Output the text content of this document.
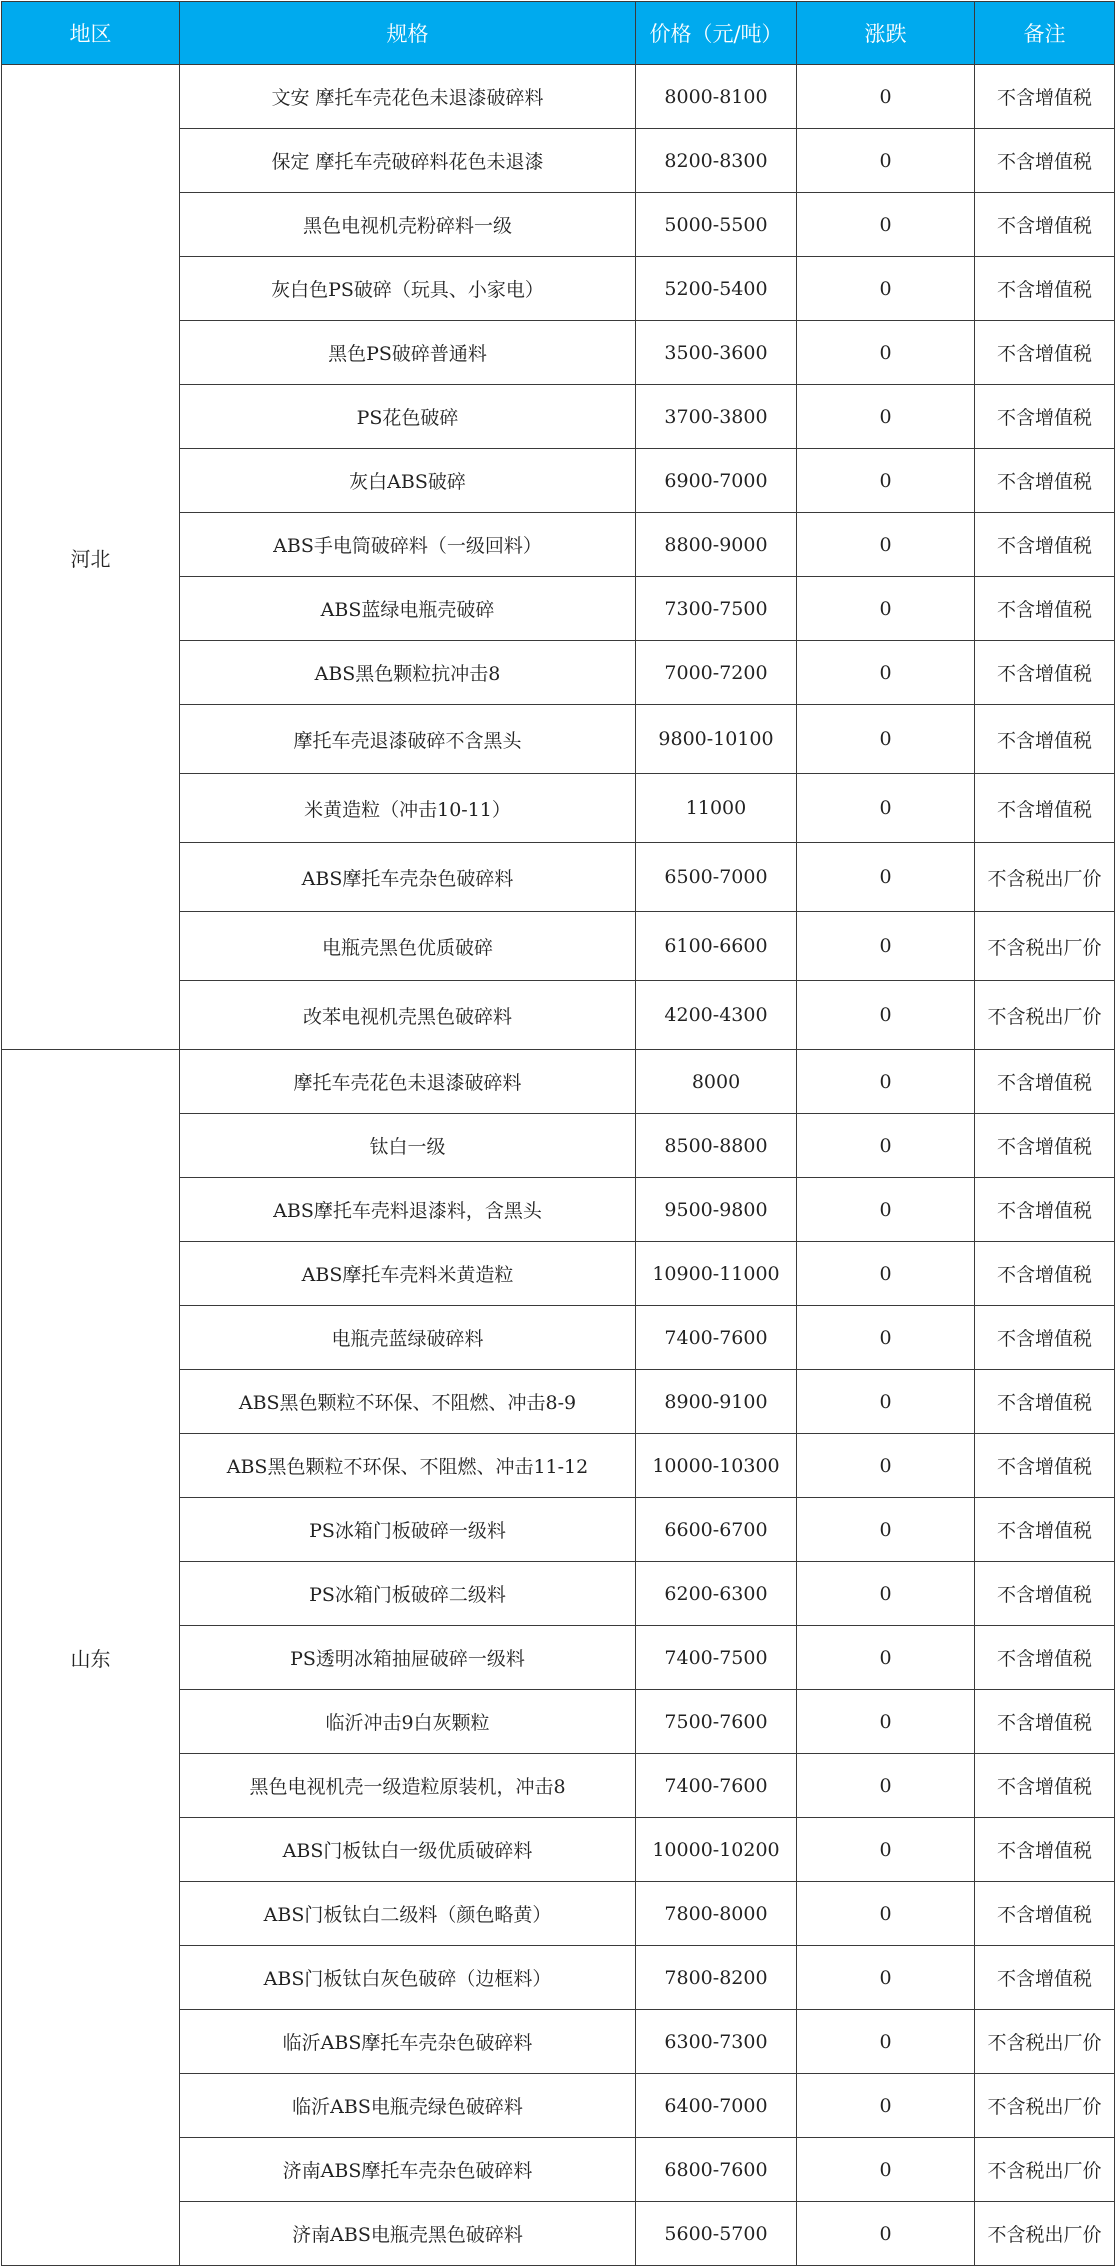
地区	规格	价格（元/吨）	涨跌	备注
河北	文安 摩托车壳花色未退漆破碎料	8000-8100	0	不含增值税
	保定 摩托车壳破碎料花色未退漆	8200-8300	0	不含增值税
	黑色电视机壳粉碎料一级	5000-5500	0	不含增值税
	灰白色PS破碎（玩具、小家电）	5200-5400	0	不含增值税
	黑色PS破碎普通料	3500-3600	0	不含增值税
	PS花色破碎	3700-3800	0	不含增值税
	灰白ABS破碎	6900-7000	0	不含增值税
	ABS手电筒破碎料（一级回料）	8800-9000	0	不含增值税
	ABS蓝绿电瓶壳破碎	7300-7500	0	不含增值税
	ABS黑色颗粒抗冲击8	7000-7200	0	不含增值税
	摩托车壳退漆破碎不含黑头	9800-10100	0	不含增值税
	米黄造粒（冲击10-11）	11000	0	不含增值税
	ABS摩托车壳杂色破碎料	6500-7000	0	不含税出厂价
	电瓶壳黑色优质破碎	6100-6600	0	不含税出厂价
	改苯电视机壳黑色破碎料	4200-4300	0	不含税出厂价
山东	摩托车壳花色未退漆破碎料	8000	0	不含增值税
	钛白一级	8500-8800	0	不含增值税
	ABS摩托车壳料退漆料，含黑头	9500-9800	0	不含增值税
	ABS摩托车壳料米黄造粒	10900-11000	0	不含增值税
	电瓶壳蓝绿破碎料	7400-7600	0	不含增值税
	ABS黑色颗粒不环保、不阻燃、冲击8-9	8900-9100	0	不含增值税
	ABS黑色颗粒不环保、不阻燃、冲击11-12	10000-10300	0	不含增值税
	PS冰箱门板破碎一级料	6600-6700	0	不含增值税
	PS冰箱门板破碎二级料	6200-6300	0	不含增值税
	PS透明冰箱抽屉破碎一级料	7400-7500	0	不含增值税
	临沂冲击9白灰颗粒	7500-7600	0	不含增值税
	黑色电视机壳一级造粒原装机，冲击8	7400-7600	0	不含增值税
	ABS门板钛白一级优质破碎料	10000-10200	0	不含增值税
	ABS门板钛白二级料（颜色略黄）	7800-8000	0	不含增值税
	ABS门板钛白灰色破碎（边框料）	7800-8200	0	不含增值税
	临沂ABS摩托车壳杂色破碎料	6300-7300	0	不含税出厂价
	临沂ABS电瓶壳绿色破碎料	6400-7000	0	不含税出厂价
	济南ABS摩托车壳杂色破碎料	6800-7600	0	不含税出厂价
	济南ABS电瓶壳黑色破碎料	5600-5700	0	不含税出厂价
